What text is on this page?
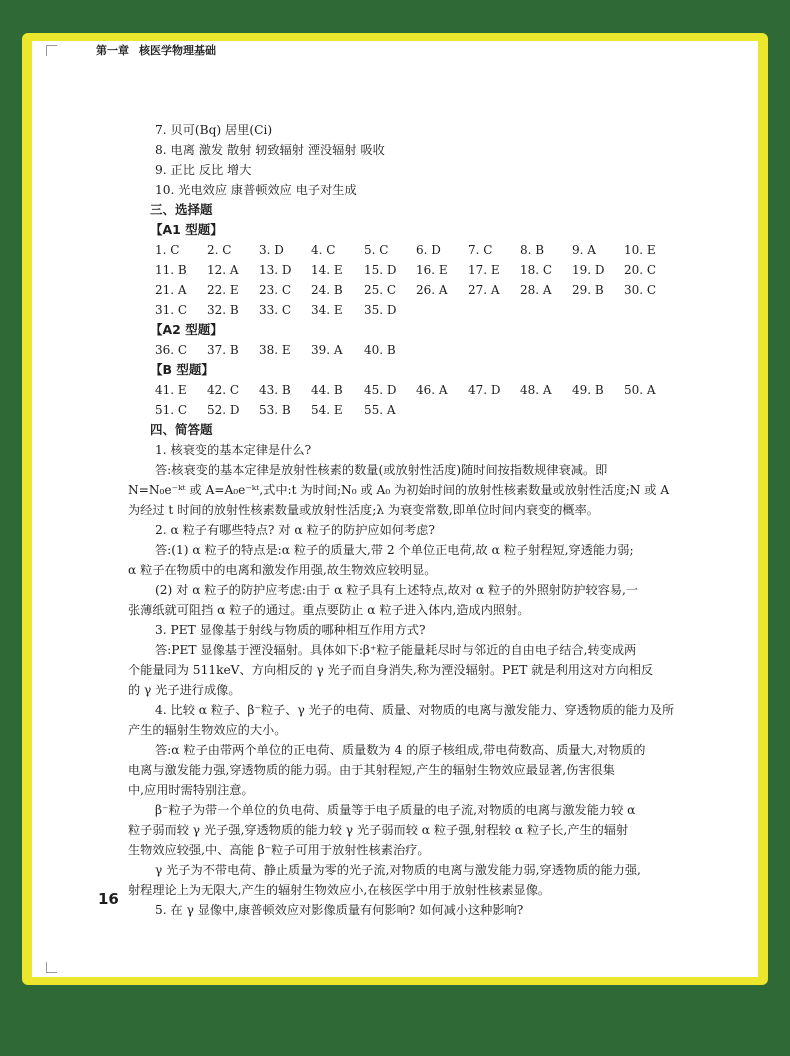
第一章 核医学物理基础
7. 贝可(Bq) 居里(Ci)
8. 电离 激发 散射 轫致辐射 湮没辐射 吸收
9. 正比 反比 增大
10. 光电效应 康普顿效应 电子对生成
三、选择题
【A1 型题】
1. C 2. C 3. D 4. C 5. C 6. D 7. C 8. B 9. A 10. E
11. B 12. A 13. D 14. E 15. D 16. E 17. E 18. C 19. D 20. C
21. A 22. E 23. C 24. B 25. C 26. A 27. A 28. A 29. B 30. C
31. C 32. B 33. C 34. E 35. D
【A2 型题】
36. C 37. B 38. E 39. A 40. B
【B 型题】
41. E 42. C 43. B 44. B 45. D 46. A 47. D 48. A 49. B 50. A
51. C 52. D 53. B 54. E 55. A
四、简答题
1. 核衰变的基本定律是什么?
答:核衰变的基本定律是放射性核素的数量(或放射性活度)随时间按指数规律衰减。即
N=N₀e⁻ᵏᵗ 或 A=A₀e⁻ᵏᵗ,式中:t 为时间;N₀ 或 A₀ 为初始时间的放射性核素数量或放射性活度;N 或 A
为经过 t 时间的放射性核素数量或放射性活度;λ 为衰变常数,即单位时间内衰变的概率。
2. α 粒子有哪些特点? 对 α 粒子的防护应如何考虑?
答:(1) α 粒子的特点是:α 粒子的质量大,带 2 个单位正电荷,故 α 粒子射程短,穿透能力弱;
α 粒子在物质中的电离和激发作用强,故生物效应较明显。
(2) 对 α 粒子的防护应考虑:由于 α 粒子具有上述特点,故对 α 粒子的外照射防护较容易,一
张薄纸就可阻挡 α 粒子的通过。重点要防止 α 粒子进入体内,造成内照射。
3. PET 显像基于射线与物质的哪种相互作用方式?
答:PET 显像基于湮没辐射。具体如下:β⁺粒子能量耗尽时与邻近的自由电子结合,转变成两
个能量同为 511keV、方向相反的 γ 光子而自身消失,称为湮没辐射。PET 就是利用这对方向相反
的 γ 光子进行成像。
4. 比较 α 粒子、β⁻粒子、γ 光子的电荷、质量、对物质的电离与激发能力、穿透物质的能力及所
产生的辐射生物效应的大小。
答:α 粒子由带两个单位的正电荷、质量数为 4 的原子核组成,带电荷数高、质量大,对物质的
电离与激发能力强,穿透物质的能力弱。由于其射程短,产生的辐射生物效应最显著,伤害很集
中,应用时需特别注意。
β⁻粒子为带一个单位的负电荷、质量等于电子质量的电子流,对物质的电离与激发能力较 α
粒子弱而较 γ 光子强,穿透物质的能力较 γ 光子弱而较 α 粒子强,射程较 α 粒子长,产生的辐射
生物效应较强,中、高能 β⁻粒子可用于放射性核素治疗。
γ 光子为不带电荷、静止质量为零的光子流,对物质的电离与激发能力弱,穿透物质的能力强,
射程理论上为无限大,产生的辐射生物效应小,在核医学中用于放射性核素显像。
5. 在 γ 显像中,康普顿效应对影像质量有何影响? 如何减小这种影响?
16
